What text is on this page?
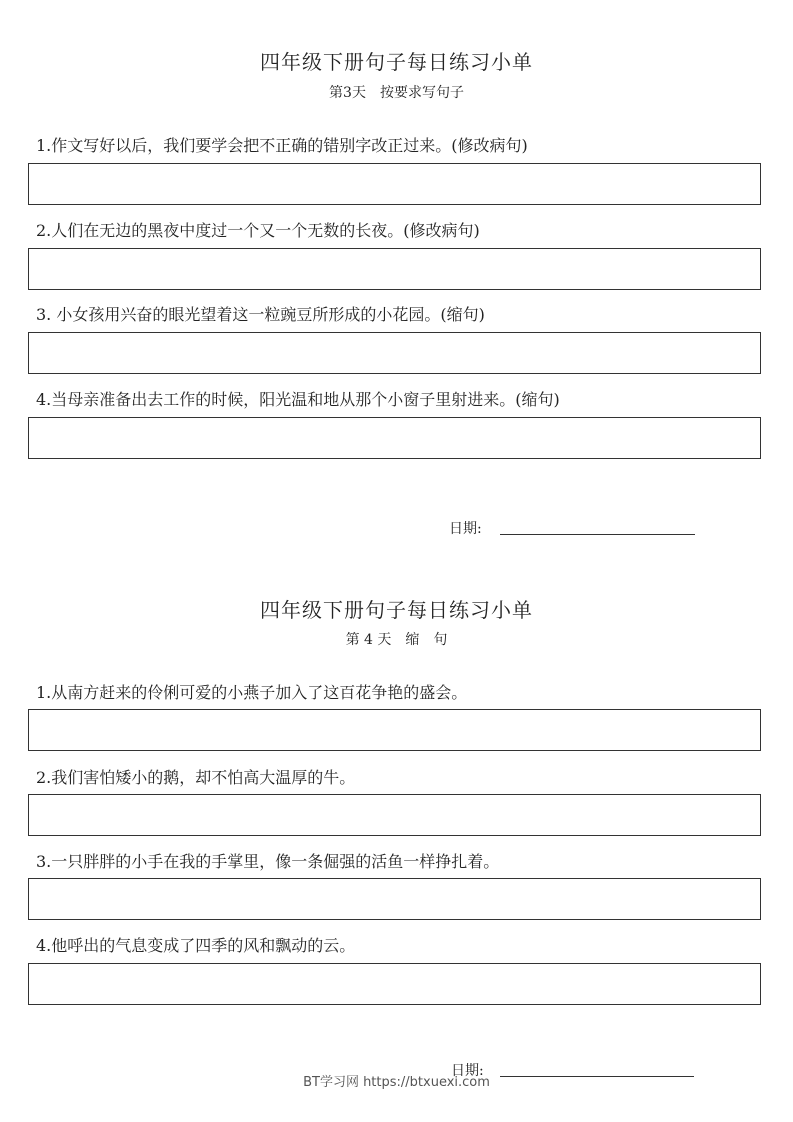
四年级下册句子每日练习小单
第3天　按要求写句子
1.作文写好以后，我们要学会把不正确的错别字改正过来。(修改病句)
2.人们在无边的黑夜中度过一个又一个无数的长夜。(修改病句)
3. 小女孩用兴奋的眼光望着这一粒豌豆所形成的小花园。(缩句)
4.当母亲准备出去工作的时候，阳光温和地从那个小窗子里射进来。(缩句)
日期:
四年级下册句子每日练习小单
第 4 天　缩　句
1.从南方赶来的伶俐可爱的小燕子加入了这百花争艳的盛会。
2.我们害怕矮小的鹅，却不怕高大温厚的牛。
3.一只胖胖的小手在我的手掌里，像一条倔强的活鱼一样挣扎着。
4.他呼出的气息变成了四季的风和飘动的云。
日期:
BT学习网 https://btxuexi.com
